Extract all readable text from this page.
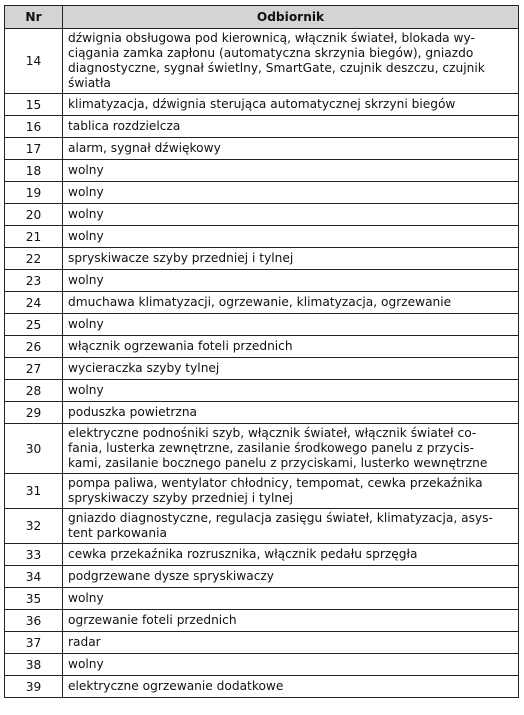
Nr	Odbiornik
14	dźwignia obsługowa pod kierownicą, włącznik świateł, blokada wy-
ciągania zamka zapłonu (automatyczna skrzynia biegów), gniazdo
diagnostyczne, sygnał świetlny, SmartGate, czujnik deszczu, czujnik
światła

15	klimatyzacja, dźwignia sterująca automatycznej skrzyni biegów

16	tablica rozdzielcza

17	alarm, sygnał dźwiękowy

18	wolny

19	wolny

20	wolny

21	wolny

22	spryskiwacze szyby przedniej i tylnej

23	wolny

24	dmuchawa klimatyzacji, ogrzewanie, klimatyzacja, ogrzewanie

25	wolny

26	włącznik ogrzewania foteli przednich

27	wycieraczka szyby tylnej

28	wolny

29	poduszka powietrzna

30	elektryczne podnośniki szyb, włącznik świateł, włącznik świateł co-
fania, lusterka zewnętrzne, zasilanie środkowego panelu z przycis-
kami, zasilanie bocznego panelu z przyciskami, lusterko wewnętrzne

31	pompa paliwa, wentylator chłodnicy, tempomat, cewka przekaźnika
spryskiwaczy szyby przedniej i tylnej

32	gniazdo diagnostyczne, regulacja zasięgu świateł, klimatyzacja, asys-
tent parkowania

33	cewka przekaźnika rozrusznika, włącznik pedału sprzęgła

34	podgrzewane dysze spryskiwaczy

35	wolny

36	ogrzewanie foteli przednich

37	radar

38	wolny

39	elektryczne ogrzewanie dodatkowe
